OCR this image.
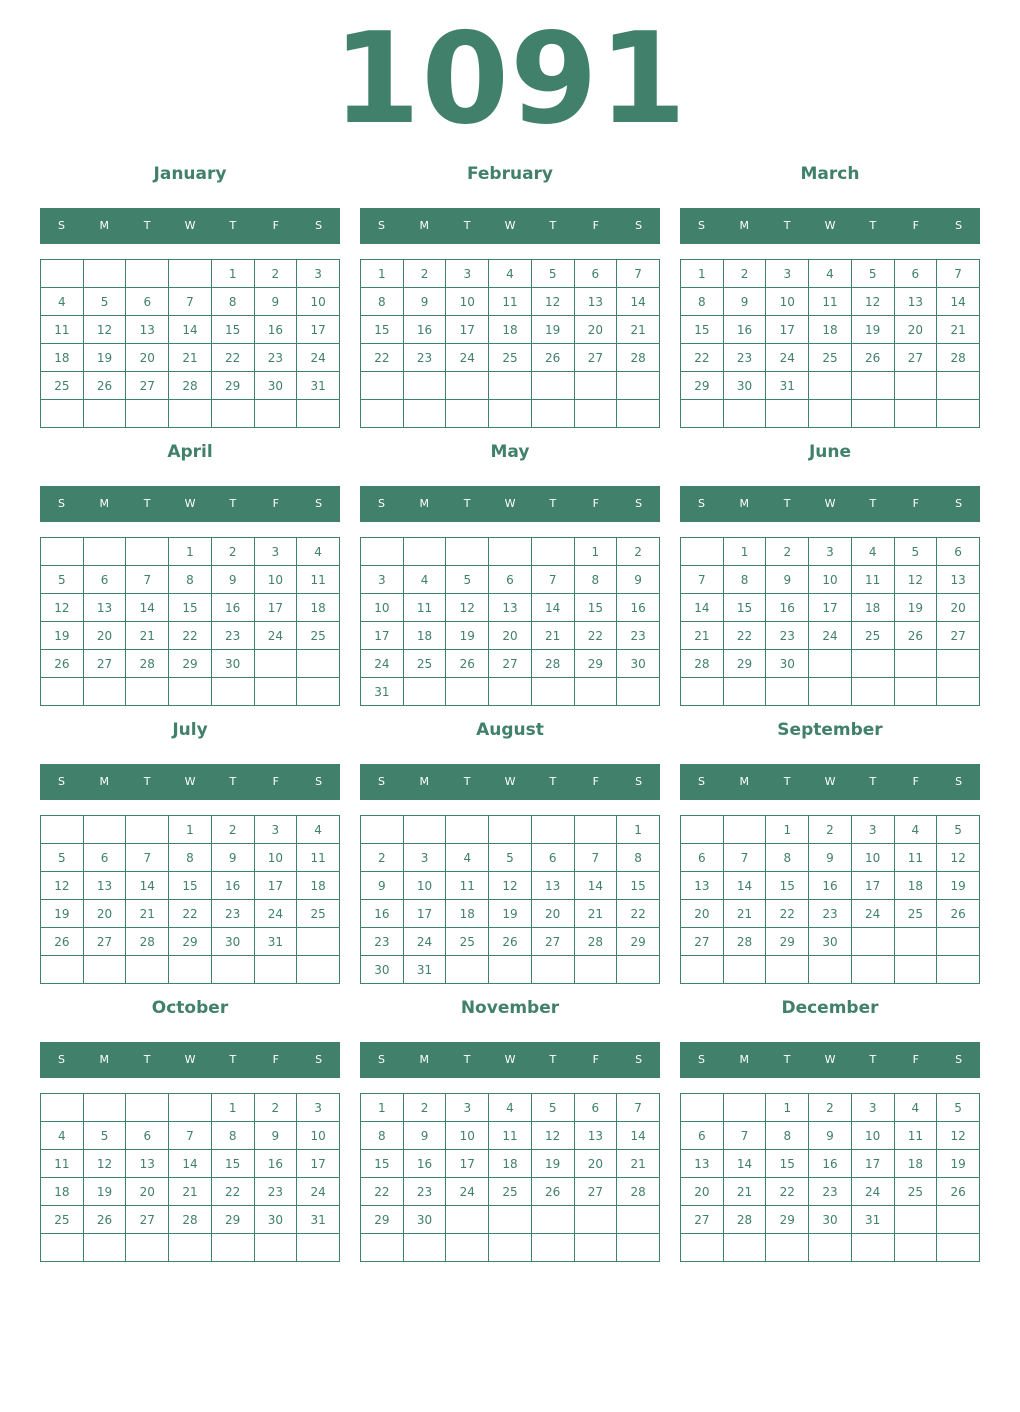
1091
January
S	M	T	W	T	F	S
				1	2	3
4	5	6	7	8	9	10
11	12	13	14	15	16	17
18	19	20	21	22	23	24
25	26	27	28	29	30	31

February
S	M	T	W	T	F	S
1	2	3	4	5	6	7
8	9	10	11	12	13	14
15	16	17	18	19	20	21
22	23	24	25	26	27	28

March
S	M	T	W	T	F	S
1	2	3	4	5	6	7
8	9	10	11	12	13	14
15	16	17	18	19	20	21
22	23	24	25	26	27	28
29	30	31				

April
S	M	T	W	T	F	S
			1	2	3	4
5	6	7	8	9	10	11
12	13	14	15	16	17	18
19	20	21	22	23	24	25
26	27	28	29	30		

May
S	M	T	W	T	F	S
					1	2
3	4	5	6	7	8	9
10	11	12	13	14	15	16
17	18	19	20	21	22	23
24	25	26	27	28	29	30
31						
June
S	M	T	W	T	F	S
	1	2	3	4	5	6
7	8	9	10	11	12	13
14	15	16	17	18	19	20
21	22	23	24	25	26	27
28	29	30				

July
S	M	T	W	T	F	S
			1	2	3	4
5	6	7	8	9	10	11
12	13	14	15	16	17	18
19	20	21	22	23	24	25
26	27	28	29	30	31	

August
S	M	T	W	T	F	S
						1
2	3	4	5	6	7	8
9	10	11	12	13	14	15
16	17	18	19	20	21	22
23	24	25	26	27	28	29
30	31					
September
S	M	T	W	T	F	S
		1	2	3	4	5
6	7	8	9	10	11	12
13	14	15	16	17	18	19
20	21	22	23	24	25	26
27	28	29	30			

October
S	M	T	W	T	F	S
				1	2	3
4	5	6	7	8	9	10
11	12	13	14	15	16	17
18	19	20	21	22	23	24
25	26	27	28	29	30	31

November
S	M	T	W	T	F	S
1	2	3	4	5	6	7
8	9	10	11	12	13	14
15	16	17	18	19	20	21
22	23	24	25	26	27	28
29	30					

December
S	M	T	W	T	F	S
		1	2	3	4	5
6	7	8	9	10	11	12
13	14	15	16	17	18	19
20	21	22	23	24	25	26
27	28	29	30	31		
